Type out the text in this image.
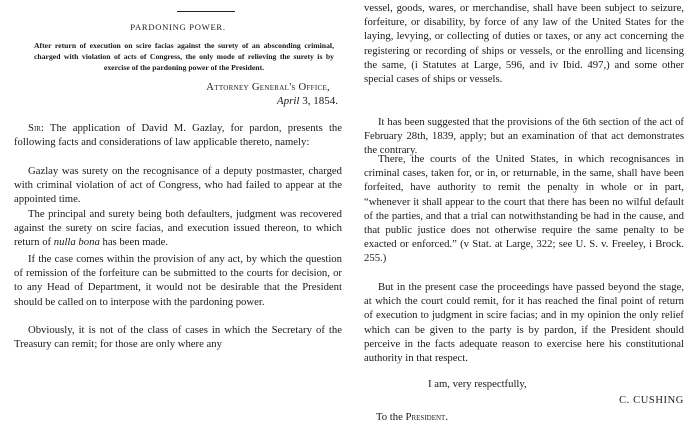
PARDONING POWER.
After return of execution on scire facias against the surety of an absconding criminal, charged with violation of acts of Congress, the only mode of relieving the surety is by exercise of the pardoning power of the President.
Attorney General's Office,
April 3, 1854.
Sir: The application of David M. Gazlay, for pardon, presents the following facts and considerations of law applicable thereto, namely:
Gazlay was surety on the recognisance of a deputy postmaster, charged with criminal violation of act of Congress, who had failed to appear at the appointed time.
The principal and surety being both defaulters, judgment was recovered against the surety on scire facias, and execution issued thereon, to which return of nulla bona has been made.
If the case comes within the provision of any act, by which the question of remission of the forfeiture can be submitted to the courts for decision, or to any Head of Department, it would not be desirable that the President should be called on to interpose with the pardoning power.
Obviously, it is not of the class of cases in which the Secretary of the Treasury can remit; for those are only where any
vessel, goods, wares, or merchandise, shall have been subject to seizure, forfeiture, or disability, by force of any law of the United States for the laying, levying, or collecting of duties or taxes, or any act concerning the registering or recording of ships or vessels, or the enrolling and licensing the same, (i Statutes at Large, 596, and iv Ibid. 497,) and some other special cases of ships or vessels.
It has been suggested that the provisions of the 6th section of the act of February 28th, 1839, apply; but an examination of that act demonstrates the contrary.
There, the courts of the United States, in which recognisances in criminal cases, taken for, or in, or returnable, in the same, shall have been forfeited, have authority to remit the penalty in whole or in part, “whenever it shall appear to the court that there has been no wilful default of the parties, and that a trial can notwithstanding be had in the cause, and that public justice does not otherwise require the same penalty to be exacted or enforced.” (v Stat. at Large, 322; see U. S. v. Freeley, i Brock. 255.)
But in the present case the proceedings have passed beyond the stage, at which the court could remit, for it has reached the final point of return of execution to judgment in scire facias; and in my opinion the only relief which can be given to the party is by pardon, if the President should perceive in the facts adequate reason to exercise here his constitutional authority in that respect.
I am, very respectfully,
C. CUSHING
To the President.
